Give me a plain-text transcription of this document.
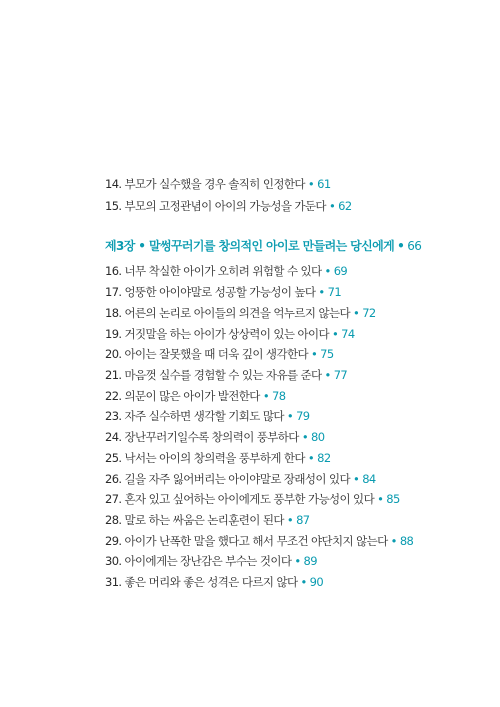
14. 부모가 실수했을 경우 솔직히 인정한다 • 61
15. 부모의 고정관념이 아이의 가능성을 가둔다 • 62
제3장 • 말썽꾸러기를 창의적인 아이로 만들려는 당신에게 • 66
16. 너무 착실한 아이가 오히려 위험할 수 있다 • 69
17. 엉뚱한 아이야말로 성공할 가능성이 높다 • 71
18. 어른의 논리로 아이들의 의견을 억누르지 않는다 • 72
19. 거짓말을 하는 아이가 상상력이 있는 아이다 • 74
20. 아이는 잘못했을 때 더욱 깊이 생각한다 • 75
21. 마음껏 실수를 경험할 수 있는 자유를 준다 • 77
22. 의문이 많은 아이가 발전한다 • 78
23. 자주 실수하면 생각할 기회도 많다 • 79
24. 장난꾸러기일수록 창의력이 풍부하다 • 80
25. 낙서는 아이의 창의력을 풍부하게 한다 • 82
26. 길을 자주 잃어버리는 아이야말로 장래성이 있다 • 84
27. 혼자 있고 싶어하는 아이에게도 풍부한 가능성이 있다 • 85
28. 말로 하는 싸움은 논리훈련이 된다 • 87
29. 아이가 난폭한 말을 했다고 해서 무조건 야단치지 않는다 • 88
30. 아이에게는 장난감은 부수는 것이다 • 89
31. 좋은 머리와 좋은 성격은 다르지 않다 • 90
